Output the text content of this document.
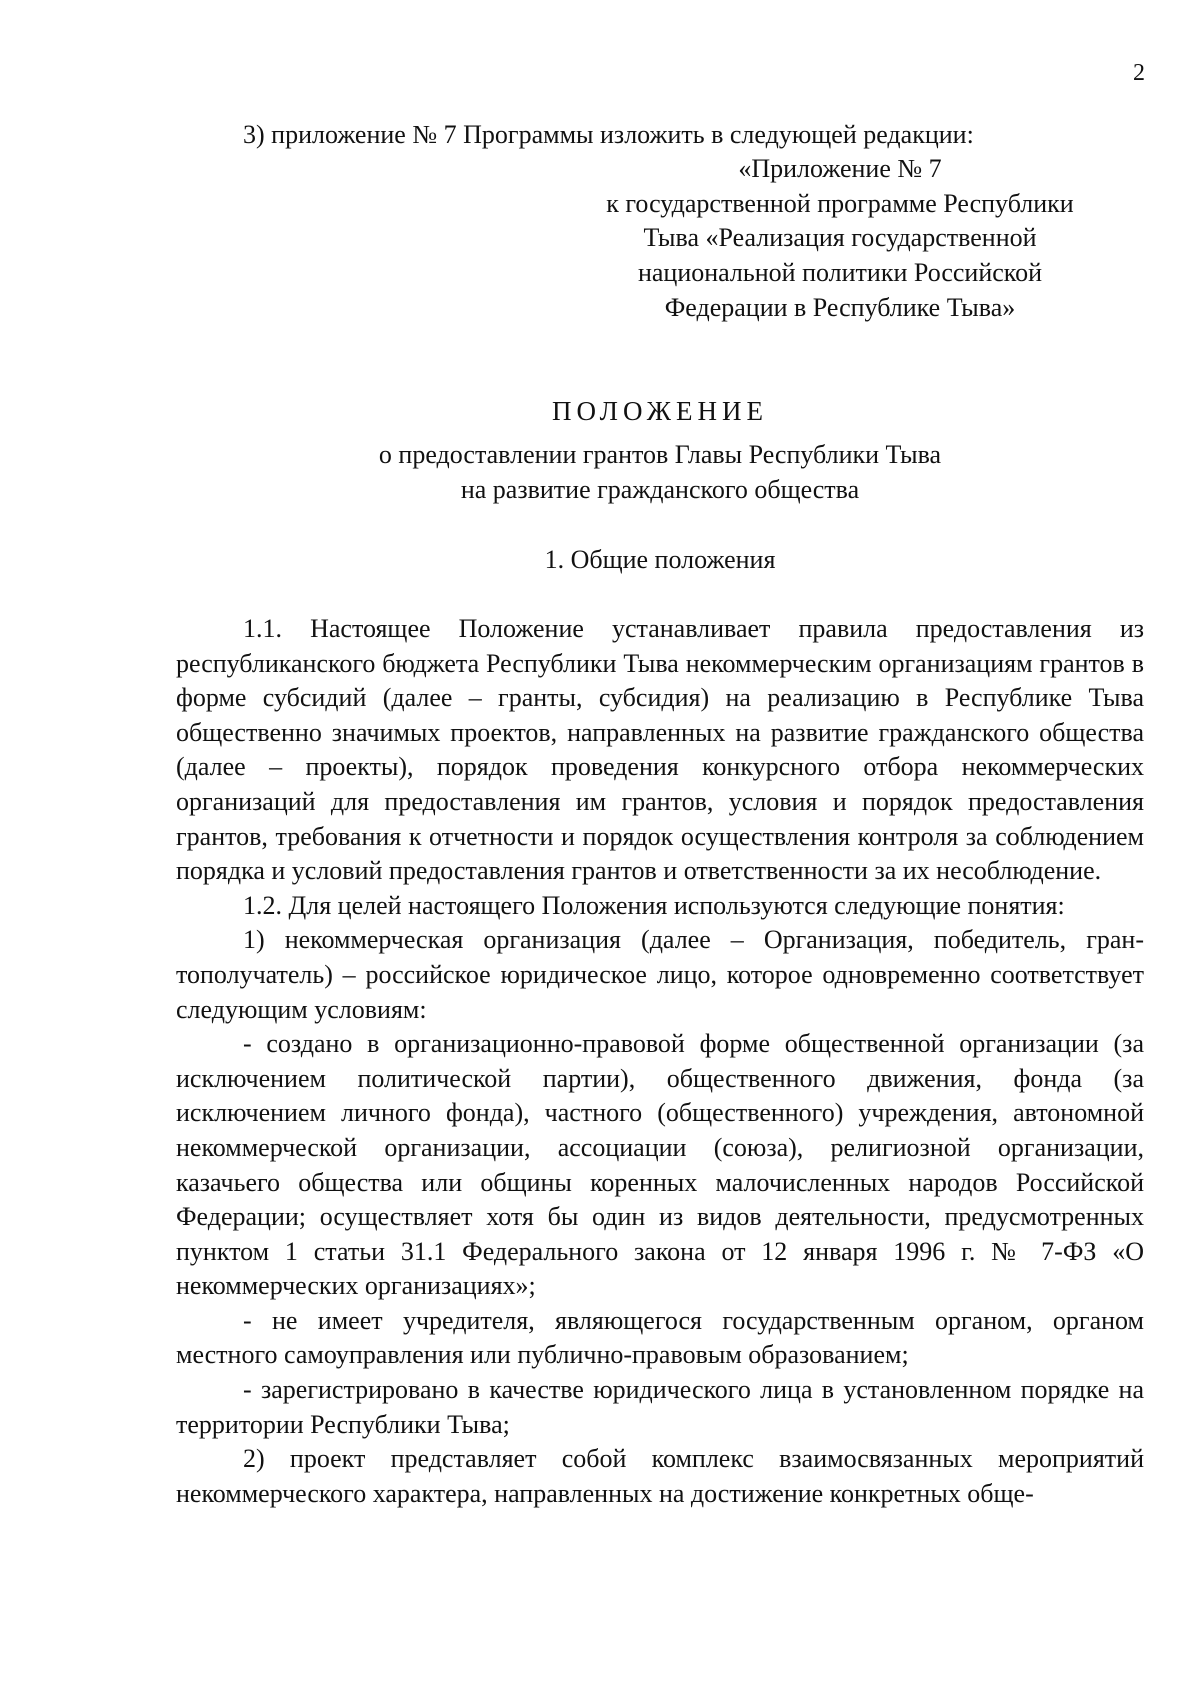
2
3) приложение № 7 Программы изложить в следующей редакции:
«Приложение № 7
к государственной программе Республики
Тыва «Реализация государственной
национальной политики Российской
Федерации в Республике Тыва»
ПОЛОЖЕНИЕ
о предоставлении грантов Главы Республики Тыва
на развитие гражданского общества
1. Общие положения

1.1. Настоящее Положение устанавливает правила предоставления из республиканского бюджета Республики Тыва некоммерческим организациям грантов в форме субсидий (далее – гранты, субсидия) на реализацию в Республике Тыва общественно значимых проектов, направленных на развитие гражданского общества (далее – проекты), порядок проведения конкурсного отбора некоммерческих организаций для предоставления им грантов, условия и порядок предоставления грантов, требования к отчетности и порядок осуществления контроля за соблюдением порядка и условий предоставления грантов и ответственности за их несоблюдение.

1.2. Для целей настоящего Положения используются следующие понятия:

1) некоммерческая организация (далее – Организация, победитель, грантополучатель) – российское юридическое лицо, которое одновременно соответствует следующим условиям:

- создано в организационно-правовой форме общественной организации (за исключением политической партии), общественного движения, фонда (за исключением личного фонда), частного (общественного) учреждения, автономной некоммерческой организации, ассоциации (союза), религиозной организации, казачьего общества или общины коренных малочисленных народов Российской Федерации; осуществляет хотя бы один из видов деятельности, предусмотренных пунктом 1 статьи 31.1 Федерального закона от 12 января 1996 г. № 7-ФЗ «О некоммерческих организациях»;

- не имеет учредителя, являющегося государственным органом, органом местного самоуправления или публично-правовым образованием;

- зарегистрировано в качестве юридического лица в установленном порядке на территории Республики Тыва;

2) проект представляет собой комплекс взаимосвязанных мероприятий некоммерческого характера, направленных на достижение конкретных обще-
